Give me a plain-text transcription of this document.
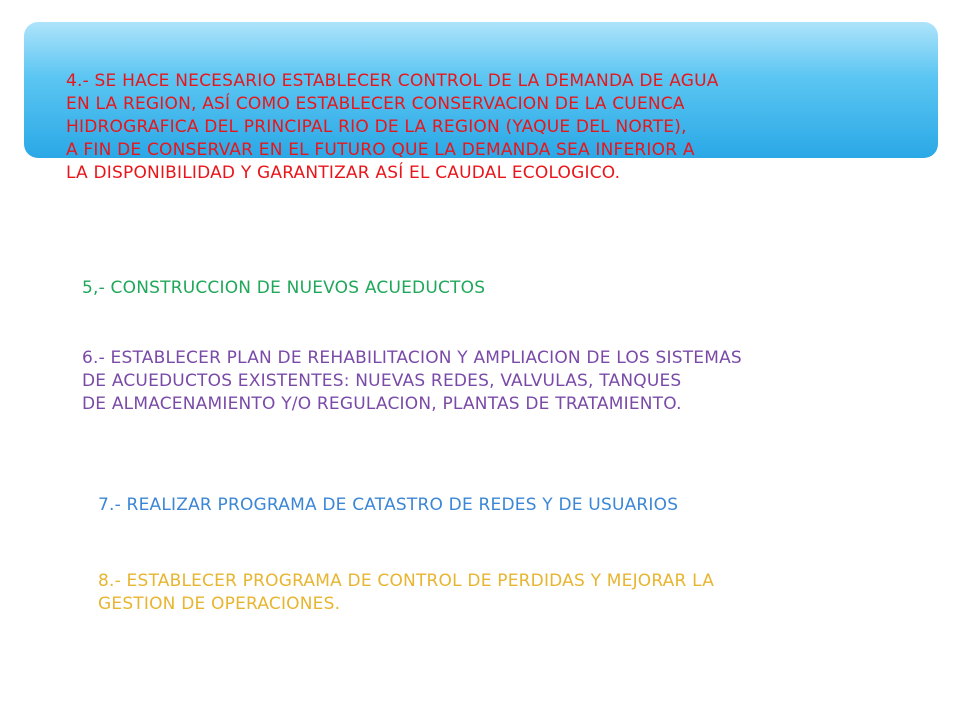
4.- SE HACE NECESARIO ESTABLECER CONTROL DE LA DEMANDA DE AGUA
EN LA REGION, ASÍ COMO ESTABLECER CONSERVACION DE LA CUENCA
HIDROGRAFICA DEL PRINCIPAL RIO DE LA REGION (YAQUE DEL NORTE),
A FIN DE CONSERVAR EN EL FUTURO QUE LA DEMANDA SEA INFERIOR A
LA DISPONIBILIDAD Y GARANTIZAR ASÍ EL CAUDAL ECOLOGICO.
5,- CONSTRUCCION DE NUEVOS ACUEDUCTOS
6.- ESTABLECER PLAN DE REHABILITACION Y AMPLIACION DE LOS SISTEMAS
DE ACUEDUCTOS EXISTENTES: NUEVAS REDES, VALVULAS, TANQUES
DE ALMACENAMIENTO Y/O REGULACION, PLANTAS DE TRATAMIENTO.
7.- REALIZAR PROGRAMA DE CATASTRO DE REDES Y DE USUARIOS
8.- ESTABLECER PROGRAMA DE CONTROL DE PERDIDAS Y MEJORAR LA
GESTION DE OPERACIONES.
